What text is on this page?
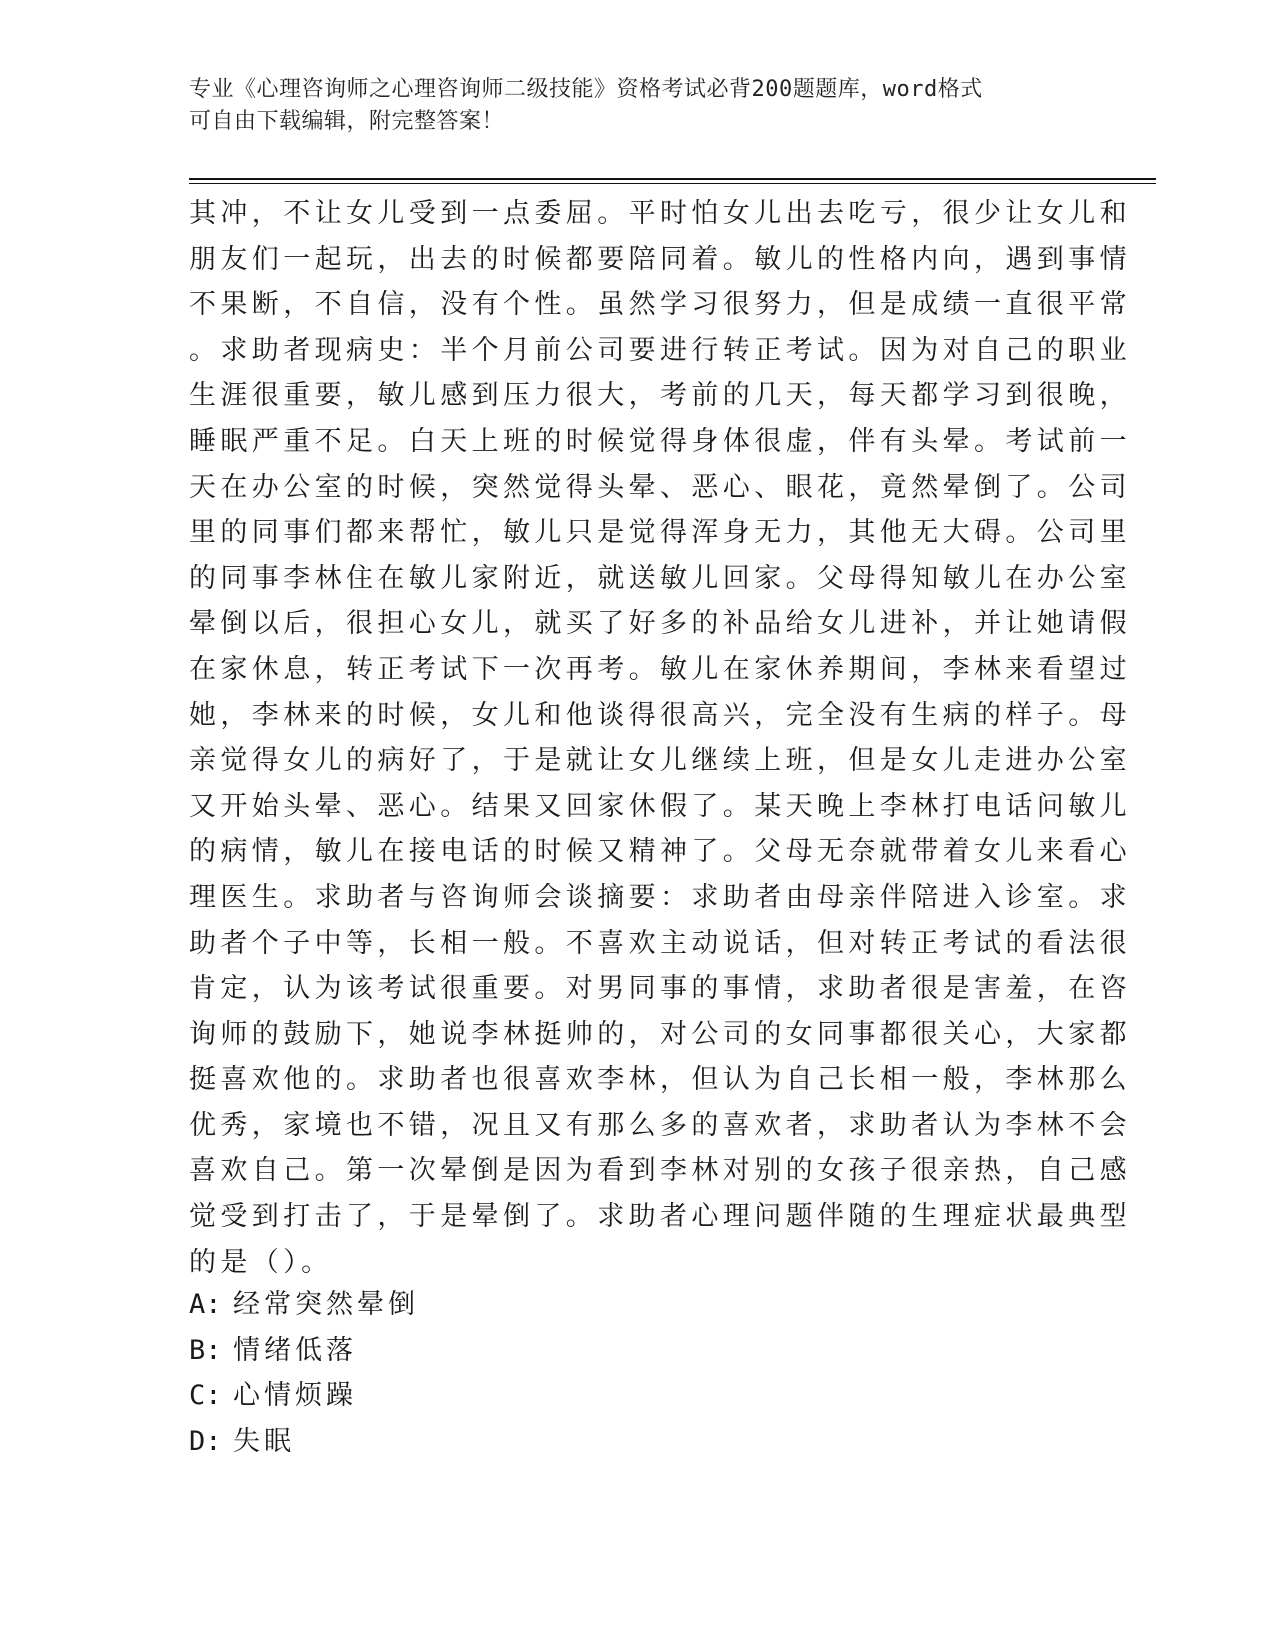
专业《心理咨询师之心理咨询师二级技能》资格考试必背200题题库，word格式
可自由下载编辑，附完整答案！
其冲，不让女儿受到一点委屈。平时怕女儿出去吃亏，很少让女儿和
朋友们一起玩，出去的时候都要陪同着。敏儿的性格内向，遇到事情
不果断，不自信，没有个性。虽然学习很努力，但是成绩一直很平常
。求助者现病史：半个月前公司要进行转正考试。因为对自己的职业
生涯很重要，敏儿感到压力很大，考前的几天，每天都学习到很晚，
睡眠严重不足。白天上班的时候觉得身体很虚，伴有头晕。考试前一
天在办公室的时候，突然觉得头晕、恶心、眼花，竟然晕倒了。公司
里的同事们都来帮忙，敏儿只是觉得浑身无力，其他无大碍。公司里
的同事李林住在敏儿家附近，就送敏儿回家。父母得知敏儿在办公室
晕倒以后，很担心女儿，就买了好多的补品给女儿进补，并让她请假
在家休息，转正考试下一次再考。敏儿在家休养期间，李林来看望过
她，李林来的时候，女儿和他谈得很高兴，完全没有生病的样子。母
亲觉得女儿的病好了，于是就让女儿继续上班，但是女儿走进办公室
又开始头晕、恶心。结果又回家休假了。某天晚上李林打电话问敏儿
的病情，敏儿在接电话的时候又精神了。父母无奈就带着女儿来看心
理医生。求助者与咨询师会谈摘要：求助者由母亲伴陪进入诊室。求
助者个子中等，长相一般。不喜欢主动说话，但对转正考试的看法很
肯定，认为该考试很重要。对男同事的事情，求助者很是害羞，在咨
询师的鼓励下，她说李林挺帅的，对公司的女同事都很关心，大家都
挺喜欢他的。求助者也很喜欢李林，但认为自己长相一般，李林那么
优秀，家境也不错，况且又有那么多的喜欢者，求助者认为李林不会
喜欢自己。第一次晕倒是因为看到李林对别的女孩子很亲热，自己感
觉受到打击了，于是晕倒了。求助者心理问题伴随的生理症状最典型
的是（）。
A: 经常突然晕倒
B: 情绪低落
C: 心情烦躁
D: 失眠
